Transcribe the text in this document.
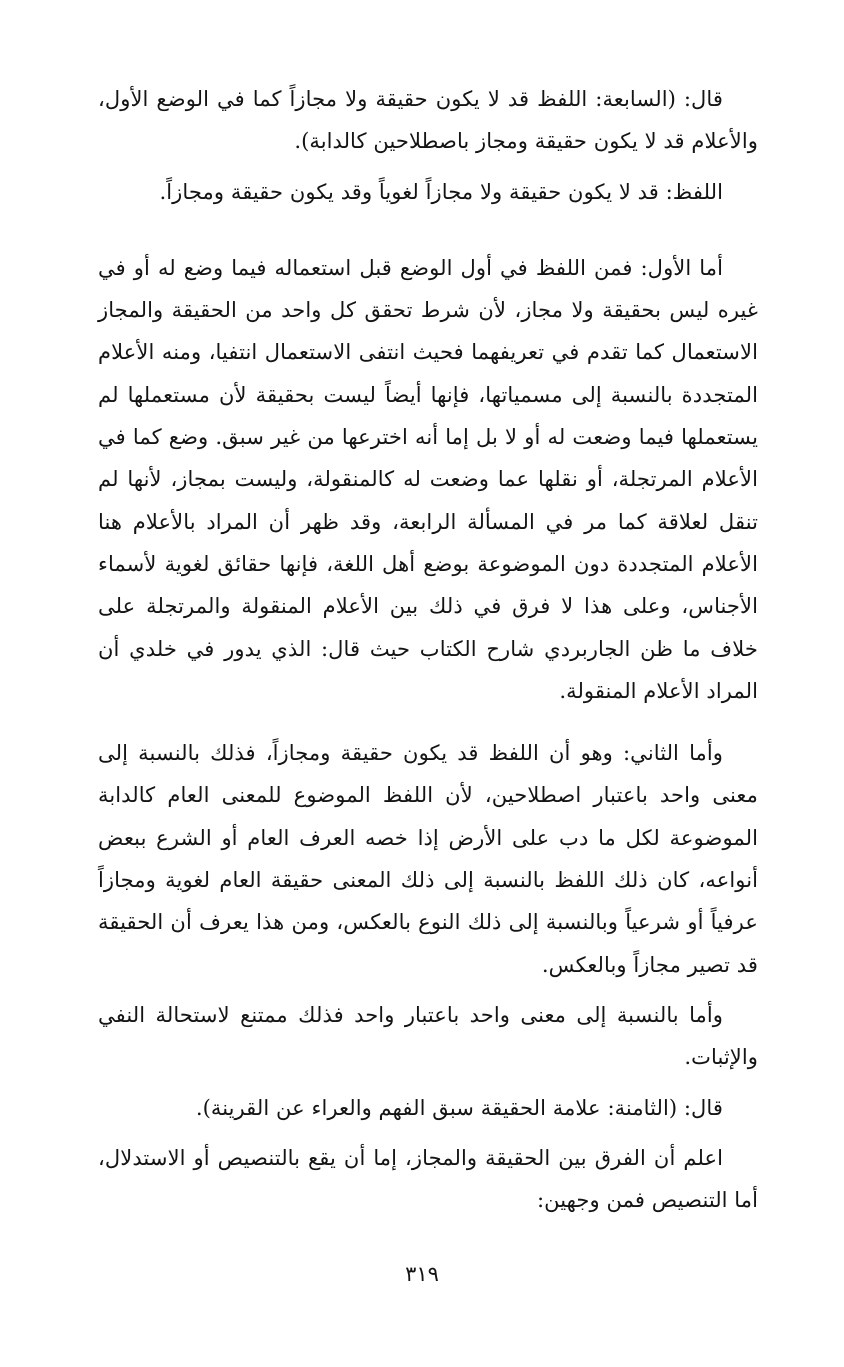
قال: (السابعة: اللفظ قد لا يكون حقيقة ولا مجازاً كما في الوضع الأول، والأعلام قد لا يكون حقيقة ومجاز باصطلاحين كالدابة).

اللفظ: قد لا يكون حقيقة ولا مجازاً لغوياً وقد يكون حقيقة ومجازاً.

أما الأول: فمن اللفظ في أول الوضع قبل استعماله فيما وضع له أو في غيره ليس بحقيقة ولا مجاز، لأن شرط تحقق كل واحد من الحقيقة والمجاز الاستعمال كما تقدم في تعريفهما فحيث انتفى الاستعمال انتفيا، ومنه الأعلام المتجددة بالنسبة إلى مسمياتها، فإنها أيضاً ليست بحقيقة لأن مستعملها لم يستعملها فيما وضعت له أو لا بل إما أنه اخترعها من غير سبق. وضع كما في الأعلام المرتجلة، أو نقلها عما وضعت له كالمنقولة، وليست بمجاز، لأنها لم تنقل لعلاقة كما مر في المسألة الرابعة، وقد ظهر أن المراد بالأعلام هنا الأعلام المتجددة دون الموضوعة بوضع أهل اللغة، فإنها حقائق لغوية لأسماء الأجناس، وعلى هذا لا فرق في ذلك بين الأعلام المنقولة والمرتجلة على خلاف ما ظن الجاربردي شارح الكتاب حيث قال: الذي يدور في خلدي أن المراد الأعلام المنقولة.

وأما الثاني: وهو أن اللفظ قد يكون حقيقة ومجازاً، فذلك بالنسبة إلى معنى واحد باعتبار اصطلاحين، لأن اللفظ الموضوع للمعنى العام كالدابة الموضوعة لكل ما دب على الأرض إذا خصه العرف العام أو الشرع ببعض أنواعه، كان ذلك اللفظ بالنسبة إلى ذلك المعنى حقيقة العام لغوية ومجازاً عرفياً أو شرعياً وبالنسبة إلى ذلك النوع بالعكس، ومن هذا يعرف أن الحقيقة قد تصير مجازاً وبالعكس.

وأما بالنسبة إلى معنى واحد باعتبار واحد فذلك ممتنع لاستحالة النفي والإثبات.

قال: (الثامنة: علامة الحقيقة سبق الفهم والعراء عن القرينة).

اعلم أن الفرق بين الحقيقة والمجاز، إما أن يقع بالتنصيص أو الاستدلال، أما التنصيص فمن وجهين:

٣١٩
